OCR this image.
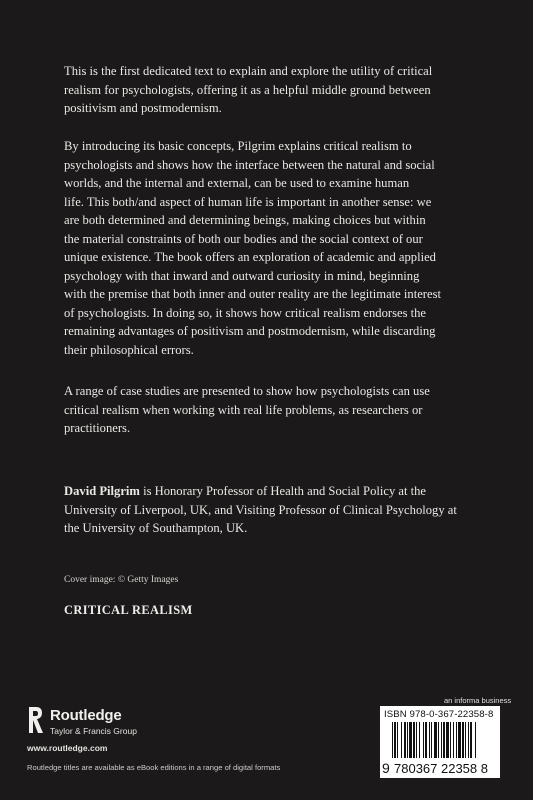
This is the first dedicated text to explain and explore the utility of critical
realism for psychologists, offering it as a helpful middle ground between
positivism and postmodernism.
By introducing its basic concepts, Pilgrim explains critical realism to
psychologists and shows how the interface between the natural and social
worlds, and the internal and external, can be used to examine human
life. This both/and aspect of human life is important in another sense: we
are both determined and determining beings, making choices but within
the material constraints of both our bodies and the social context of our
unique existence. The book offers an exploration of academic and applied
psychology with that inward and outward curiosity in mind, beginning
with the premise that both inner and outer reality are the legitimate interest
of psychologists. In doing so, it shows how critical realism endorses the
remaining advantages of positivism and postmodernism, while discarding
their philosophical errors.
A range of case studies are presented to show how psychologists can use
critical realism when working with real life problems, as researchers or
practitioners.
David Pilgrim is Honorary Professor of Health and Social Policy at the
University of Liverpool, UK, and Visiting Professor of Clinical Psychology at
the University of Southampton, UK.
Cover image: © Getty Images
CRITICAL REALISM
Routledge
Taylor & Francis Group
www.routledge.com
Routledge titles are available as eBook editions in a range of digital formats
an informa business
ISBN 978-0-367-22358-8
9 780367 22358 8
